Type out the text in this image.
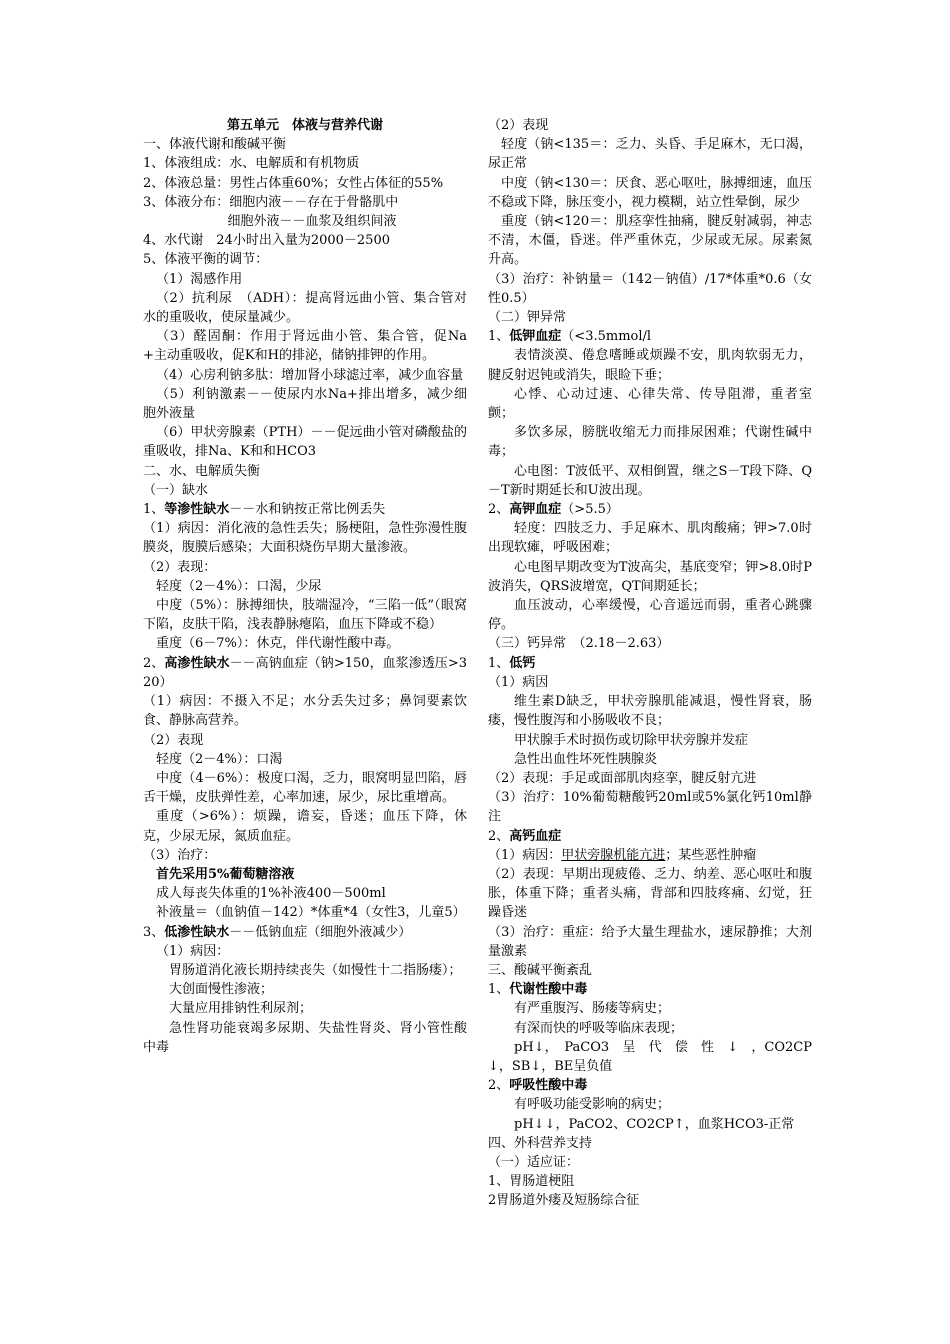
第五单元　体液与营养代谢

一、体液代谢和酸碱平衡

1、体液组成：水、电解质和有机物质

2、体液总量：男性占体重60%；女性占体征的55%

3、体液分布：细胞内液－－存在于骨骼肌中

　　　　细胞外液－－血浆及组织间液

4、水代谢　24小时出入量为2000－2500

5、体液平衡的调节：

（1）渴感作用

（2）抗利尿　（ADH）：提高肾远曲小管、集合管对水的重吸收，使尿量减少。

（3）醛固酮：作用于肾远曲小管、集合管，促Na+主动重吸收，促K和H的排泌，储钠排钾的作用。

（4）心房利钠多肽：增加肾小球滤过率，减少血容量

（5）利钠激素－－使尿内水Na+排出增多，减少细胞外液量

（6）甲状旁腺素（PTH）－－促远曲小管对磷酸盐的重吸收，排Na、K和和HCO3

二、水、电解质失衡

（一）缺水

1、等渗性缺水－－水和钠按正常比例丢失

（1）病因：消化液的急性丢失；肠梗阻，急性弥漫性腹膜炎，腹膜后感染；大面积烧伤早期大量渗液。

（2）表现：

轻度（2－4%）：口渴，少尿

中度（5%）：脉搏细快，肢端湿冷，“三陷一低”（眼窝下陷，皮肤干陷，浅表静脉瘪陷，血压下降或不稳）

重度（6－7%）：休克，伴代谢性酸中毒。

2、高渗性缺水－－高钠血症（钠>150，血浆渗透压>320）

（1）病因：不摄入不足；水分丢失过多；鼻饲要素饮食、静脉高营养。

（2）表现

轻度（2－4%）：口渴

中度（4－6%）：极度口渴，乏力，眼窝明显凹陷，唇舌干燥，皮肤弹性差，心率加速，尿少，尿比重增高。

重度（>6%）：烦躁，谵妄，昏迷；血压下降，休克，少尿无尿，氮质血症。

（3）治疗：

首先采用5%葡萄糖溶液

成人每丧失体重的1%补液400－500ml

补液量＝（血钠值－142）*体重*4（女性3，儿童5）

3、低渗性缺水－－低钠血症（细胞外液减少）

（1）病因：

胃肠道消化液长期持续丧失（如慢性十二指肠瘘）；

大创面慢性渗液；

大量应用排钠性利尿剂；

急性肾功能衰竭多尿期、失盐性肾炎、肾小管性酸中毒

（2）表现

轻度（钠<135＝：乏力、头昏、手足麻木，无口渴，尿正常

中度（钠<130＝：厌食、恶心呕吐，脉搏细速，血压不稳或下降，脉压变小，视力模糊，站立性晕倒，尿少

重度（钠<120＝：肌痉挛性抽痛，腱反射减弱，神志不清，木僵，昏迷。伴严重休克，少尿或无尿。尿素氮升高。

（3）治疗：补钠量＝（142－钠值）/17*体重*0.6（女性0.5）

（二）钾异常

1、低钾血症（<3.5mmol/l

表情淡漠、倦怠嗜睡或烦躁不安，肌肉软弱无力，腱反射迟钝或消失，眼睑下垂；

心悸、心动过速、心律失常、传导阻滞，重者室颤；

多饮多尿，膀胱收缩无力而排尿困难；代谢性碱中毒；

心电图：T波低平、双相倒置，继之S－T段下降、Q－T新时期延长和U波出现。

2、高钾血症（>5.5）

轻度：四肢乏力、手足麻木、肌肉酸痛；钾>7.0时出现软瘫，呼吸困难；

心电图早期改变为T波高尖，基底变窄；钾>8.0时P波消失，QRS波增宽，QT间期延长；

血压波动，心率缓慢，心音遥远而弱，重者心跳骤停。

（三）钙异常　（2.18－2.63）

1、低钙

（1）病因

维生素D缺乏，甲状旁腺肌能减退，慢性肾衰，肠瘘，慢性腹泻和小肠吸收不良；

甲状腺手术时损伤或切除甲状旁腺并发症

急性出血性坏死性胰腺炎

（2）表现：手足或面部肌肉痉挛，腱反射亢进

（3）治疗：10%葡萄糖酸钙20ml或5%氯化钙10ml静注

2、高钙血症

（1）病因：甲状旁腺机能亢进；某些恶性肿瘤

（2）表现：早期出现疲倦、乏力、纳差、恶心呕吐和腹胀，体重下降；重者头痛，背部和四肢疼痛、幻觉，狂躁昏迷

（3）治疗：重症：给予大量生理盐水，速尿静推；大剂量激素

三、酸碱平衡紊乱

1、代谢性酸中毒

有严重腹泻、肠瘘等病史；

有深而快的呼吸等临床表现；

pH↓，　PaCO3　呈　代　偿　性　↓　，CO2CP↓，SB↓，BE呈负值

2、呼吸性酸中毒

有呼吸功能受影响的病史；

pH↓↓，PaCO2、CO2CP↑，血浆HCO3-正常

四、外科营养支持

（一）适应证：

1、胃肠道梗阻

2胃肠道外瘘及短肠综合征
